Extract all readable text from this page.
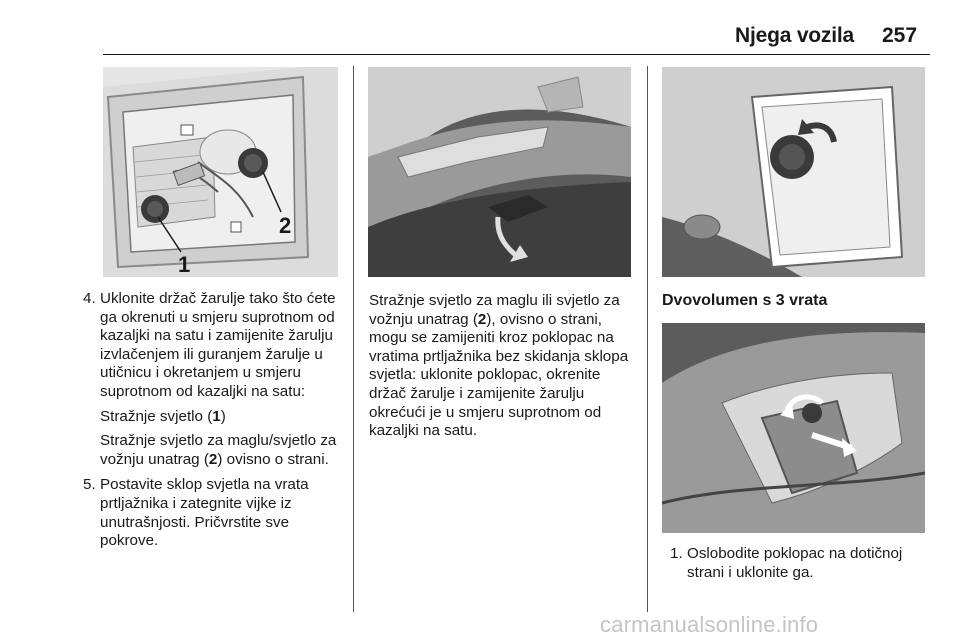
Njega vozila 257
1
2

4. Uklonite držač žarulje tako što ćete ga okrenuti u smjeru suprotnom od kazaljki na satu i zamijenite žarulju izvlačenjem ili guranjem žarulje u utičnicu i okretanjem u smjeru suprotnom od kazaljki na satu:

Stražnje svjetlo (1)

Stražnje svjetlo za maglu/svjetlo za vožnju unatrag (2) ovisno o strani.

5. Postavite sklop svjetla na vrata prtljažnika i zategnite vijke iz unutrašnjosti. Pričvrstite sve pokrove.

Stražnje svjetlo za maglu ili svjetlo za vožnju unatrag (2), ovisno o strani, mogu se zamijeniti kroz poklopac na vratima prtljažnika bez skidanja sklopa svjetla: uklonite poklopac, okrenite držač žarulje i zamijenite žarulju okrećući je u smjeru suprotnom od kazaljki na satu.

Dvovolumen s 3 vrata

1. Oslobodite poklopac na dotičnoj strani i uklonite ga.

carmanualsonline.info
